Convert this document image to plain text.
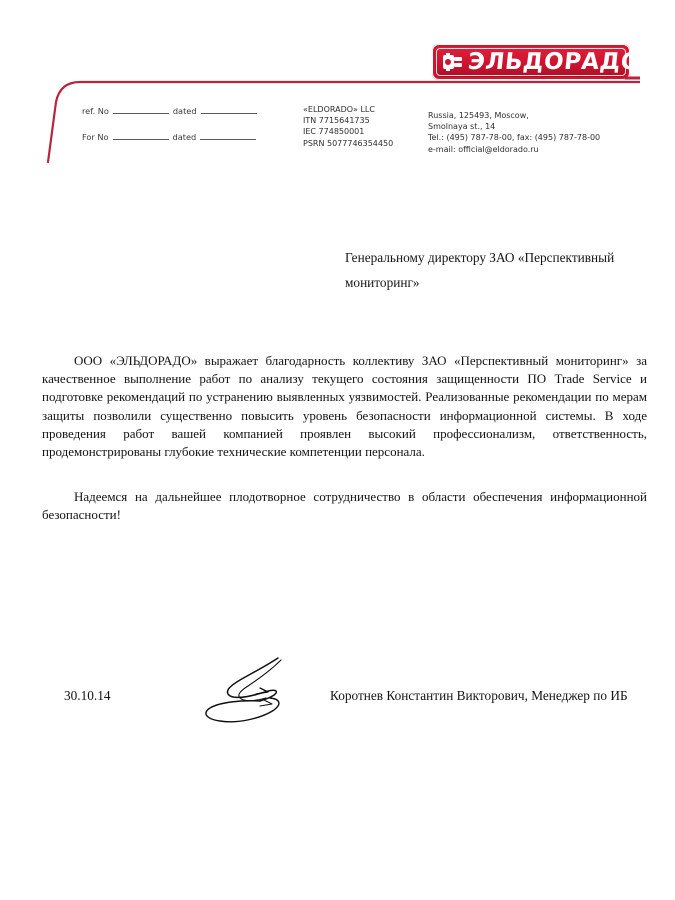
ЭЛЬДОРАДО
ref. No	dated
For No	dated
«ELDORADO» LLC
ITN 7715641735
IEC 774850001
PSRN 5077746354450
Russia, 125493, Moscow,
Smolnaya st., 14
Tel.: (495) 787-78-00, fax: (495) 787-78-00
e-mail: official@eldorado.ru
Генеральному директору ЗАО «Перспективный
мониторинг»

ООО «ЭЛЬДОРАДО» выражает благодарность коллективу ЗАО «Перспективный мониторинг» за качественное выполнение работ по анализу текущего состояния защищенности ПО Trade Service и подготовке рекомендаций по устранению выявленных уязвимостей. Реализованные рекомендации по мерам защиты позволили существенно повысить уровень безопасности информационной системы. В ходе проведения работ вашей компанией проявлен высокий профессионализм, ответственность, продемонстрированы глубокие технические компетенции персонала.

Надеемся на дальнейшее плодотворное сотрудничество в области обеспечения информационной безопасности!

30.10.14	Коротнев Константин Викторович, Менеджер по ИБ
